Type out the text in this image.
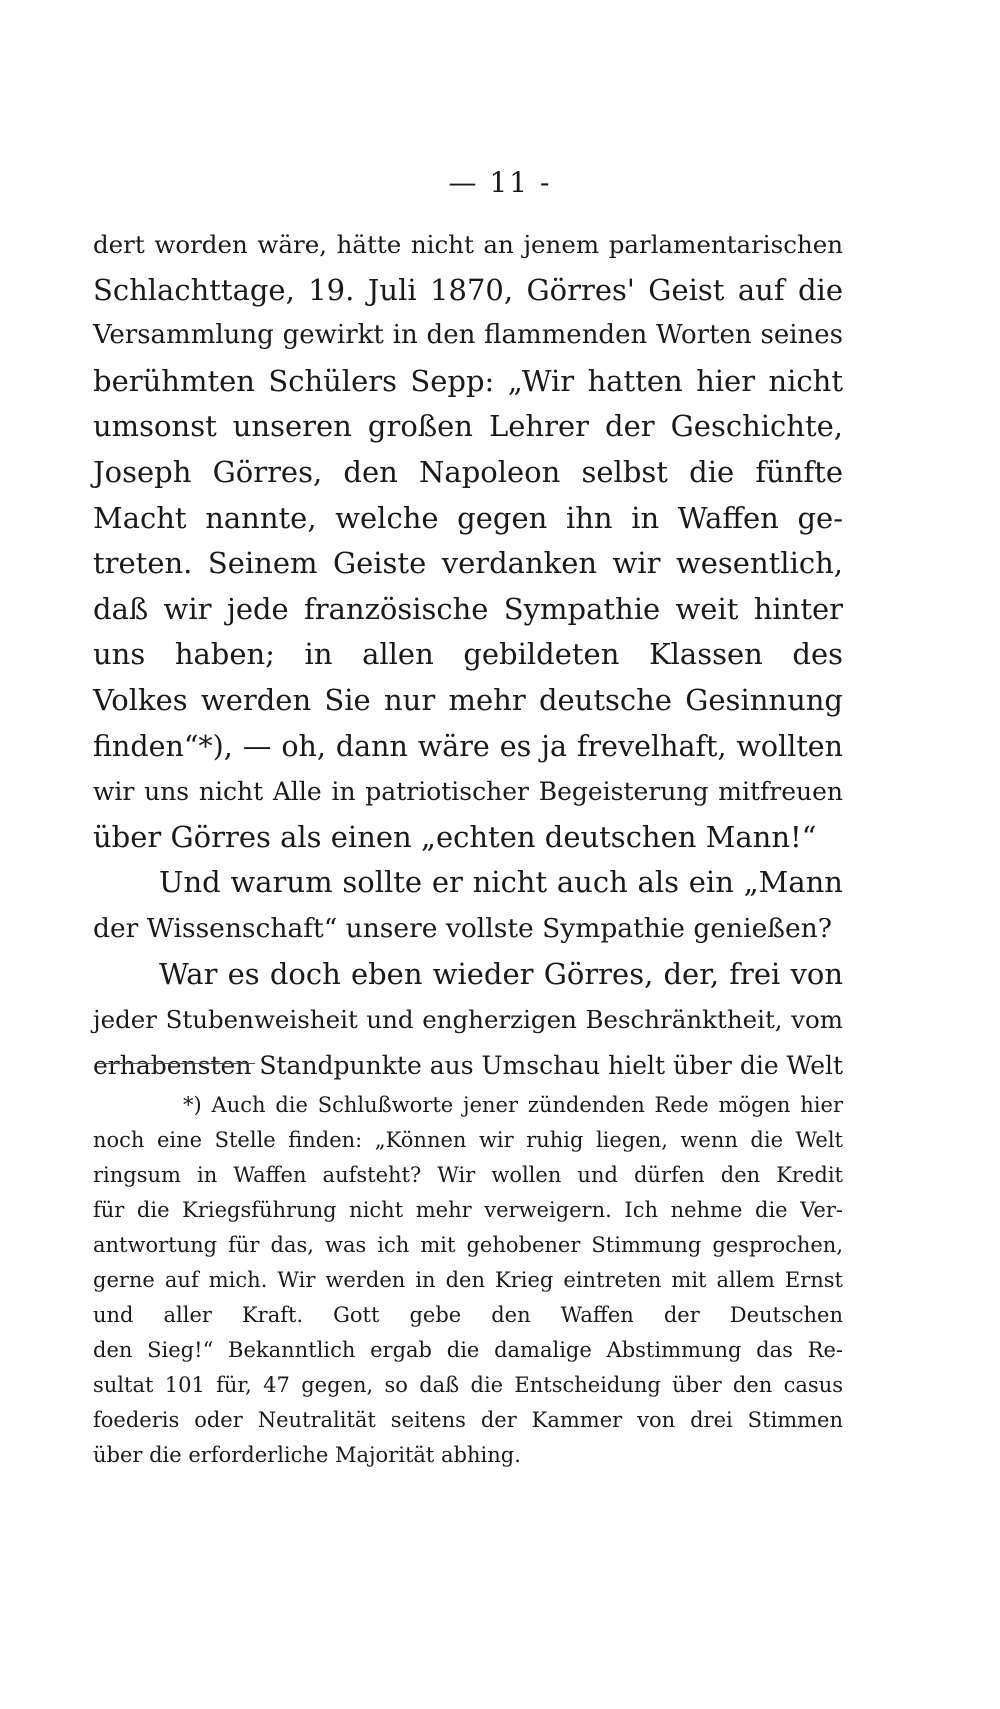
— 11 -
dert worden wäre, hätte nicht an jenem parlamentarischen
Schlachttage, 19. Juli 1870, Görres' Geist auf die
Versammlung gewirkt in den flammenden Worten seines
berühmten Schülers Sepp: „Wir hatten hier nicht
umsonst unseren großen Lehrer der Geschichte,
Joseph Görres, den Napoleon selbst die fünfte
Macht nannte, welche gegen ihn in Waffen ge-
treten. Seinem Geiste verdanken wir wesentlich,
daß wir jede französische Sympathie weit hinter
uns haben; in allen gebildeten Klassen des
Volkes werden Sie nur mehr deutsche Gesinnung
finden“*), — oh, dann wäre es ja frevelhaft, wollten
wir uns nicht Alle in patriotischer Begeisterung mitfreuen
über Görres als einen „echten deutschen Mann!“
Und warum sollte er nicht auch als ein „Mann
der Wissenschaft“ unsere vollste Sympathie genießen?
War es doch eben wieder Görres, der, frei von
jeder Stubenweisheit und engherzigen Beschränktheit, vom
erhabensten Standpunkte aus Umschau hielt über die Welt
*) Auch die Schlußworte jener zündenden Rede mögen hier
noch eine Stelle finden: „Können wir ruhig liegen, wenn die Welt
ringsum in Waffen aufsteht? Wir wollen und dürfen den Kredit
für die Kriegsführung nicht mehr verweigern. Ich nehme die Ver-
antwortung für das, was ich mit gehobener Stimmung gesprochen,
gerne auf mich. Wir werden in den Krieg eintreten mit allem Ernst
und aller Kraft. Gott gebe den Waffen der Deutschen
den Sieg!“ Bekanntlich ergab die damalige Abstimmung das Re-
sultat 101 für, 47 gegen, so daß die Entscheidung über den casus
foederis oder Neutralität seitens der Kammer von drei Stimmen
über die erforderliche Majorität abhing.
